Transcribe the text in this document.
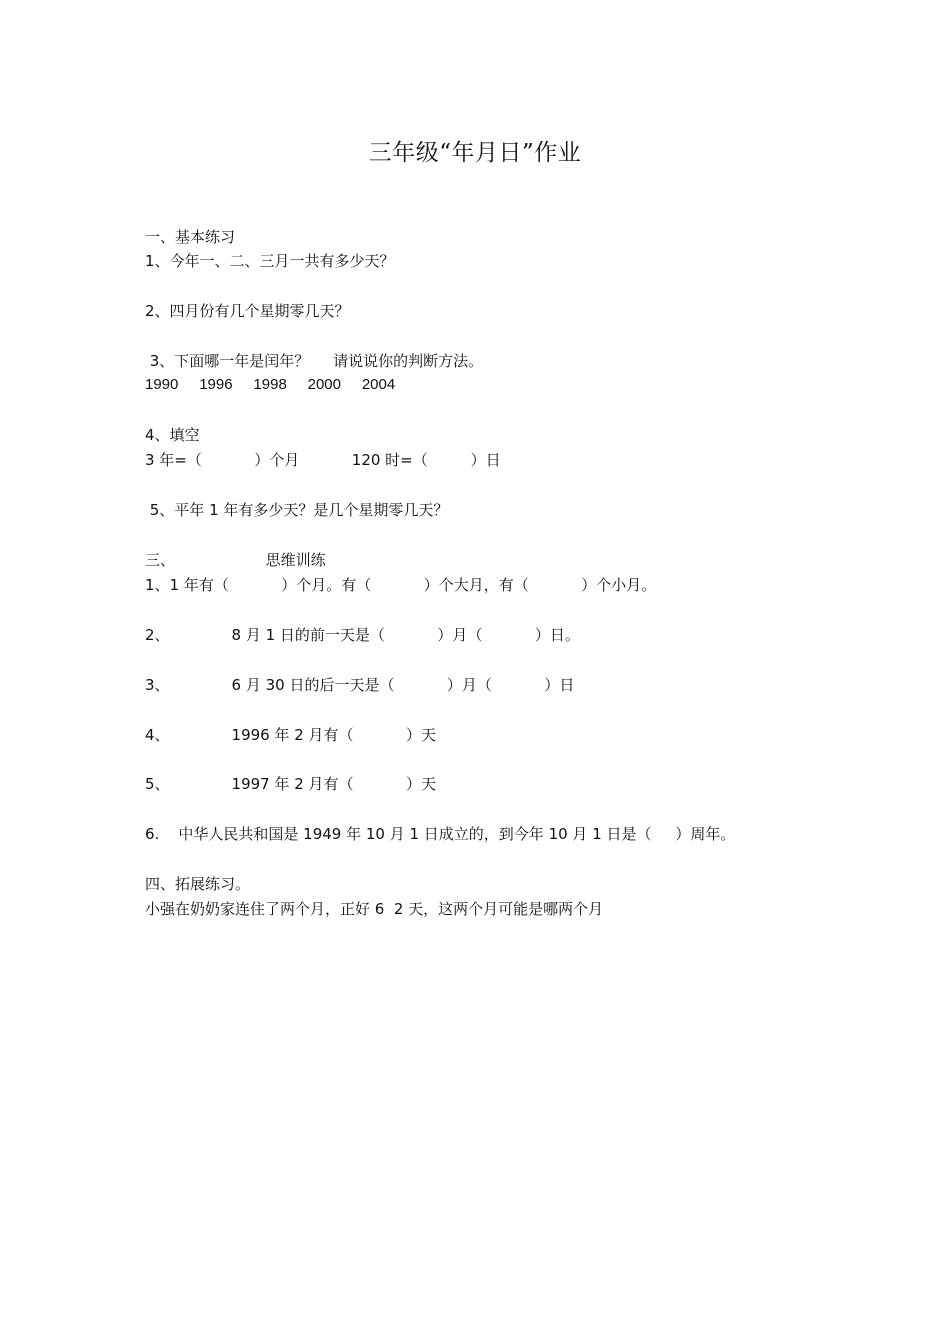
三年级“年月日”作业
一、基本练习
1、今年一、二、三月一共有多少天？
2、四月份有几个星期零几天？
3、下面哪一年是闰年？     请说说你的判断方法。
1990     1996     1998     2000     2004
4、填空
3 年=（           ）个月           120 时=（         ）日
5、平年 1 年有多少天？是几个星期零几天？
三、                   思维训练
1、1 年有（           ）个月。有（           ）个大月，有（           ）个小月。
2、             8 月 1 日的前一天是（           ）月（           ）日。
3、             6 月 30 日的后一天是（           ）月（           ）日
4、             1996 年 2 月有（           ）天
5、             1997 年 2 月有（           ）天
6.    中华人民共和国是 1949 年 10 月 1 日成立的，到今年 10 月 1 日是（     ）周年。
四、拓展练习。
小强在奶奶家连住了两个月，正好 6  2 天，这两个月可能是哪两个月
